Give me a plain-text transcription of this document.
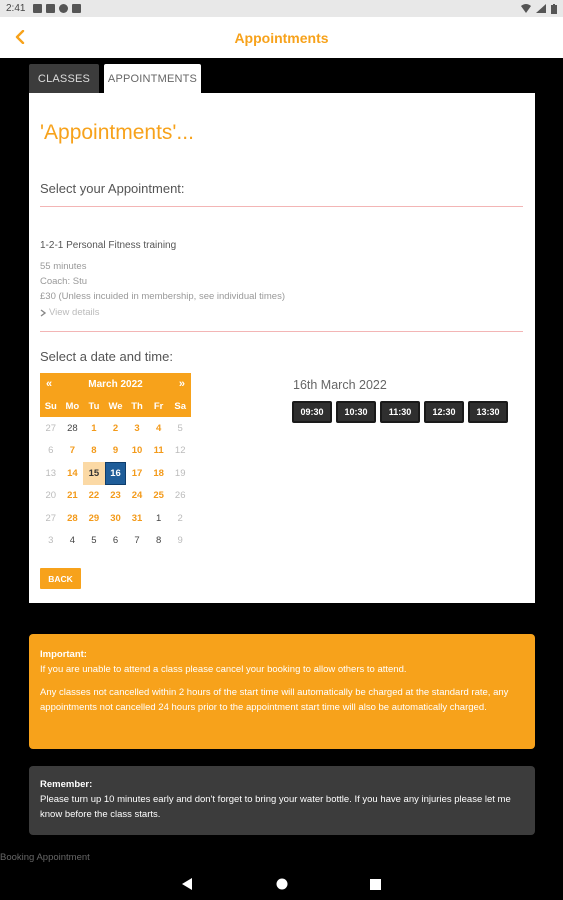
2:41
Appointments
CLASSES	APPOINTMENTS
'Appointments'...
Select your Appointment:
1-2-1 Personal Fitness training
55 minutes
Coach: Stu
£30 (Unless incuided in membership, see individual times)
View details
Select a date and time:
«	March 2022	»
Su Mo Tu We Th	Fr	Sa
27	28	1	2	3	4	5
6	7	8	9	10	11	12
13	14	15	16	17	18	19
20	21	22	23	24	25	26
27	28	29	30	31	1	2
3	4	5	6	7	8	9
16th March 2022
09:30	10:30	11:30	12:30	13:30
BACK
Important:

If you are unable to attend a class please cancel your booking to allow others to attend.

Any classes not cancelled within 2 hours of the start time will automatically be charged at the standard rate, any appointments not cancelled 24 hours prior to the appointment start time will also be automatically charged.

Remember:
Please turn up 10 minutes early and don't forget to bring your water bottle. If you have any injuries please let me know before the class starts.
Booking Appointment
